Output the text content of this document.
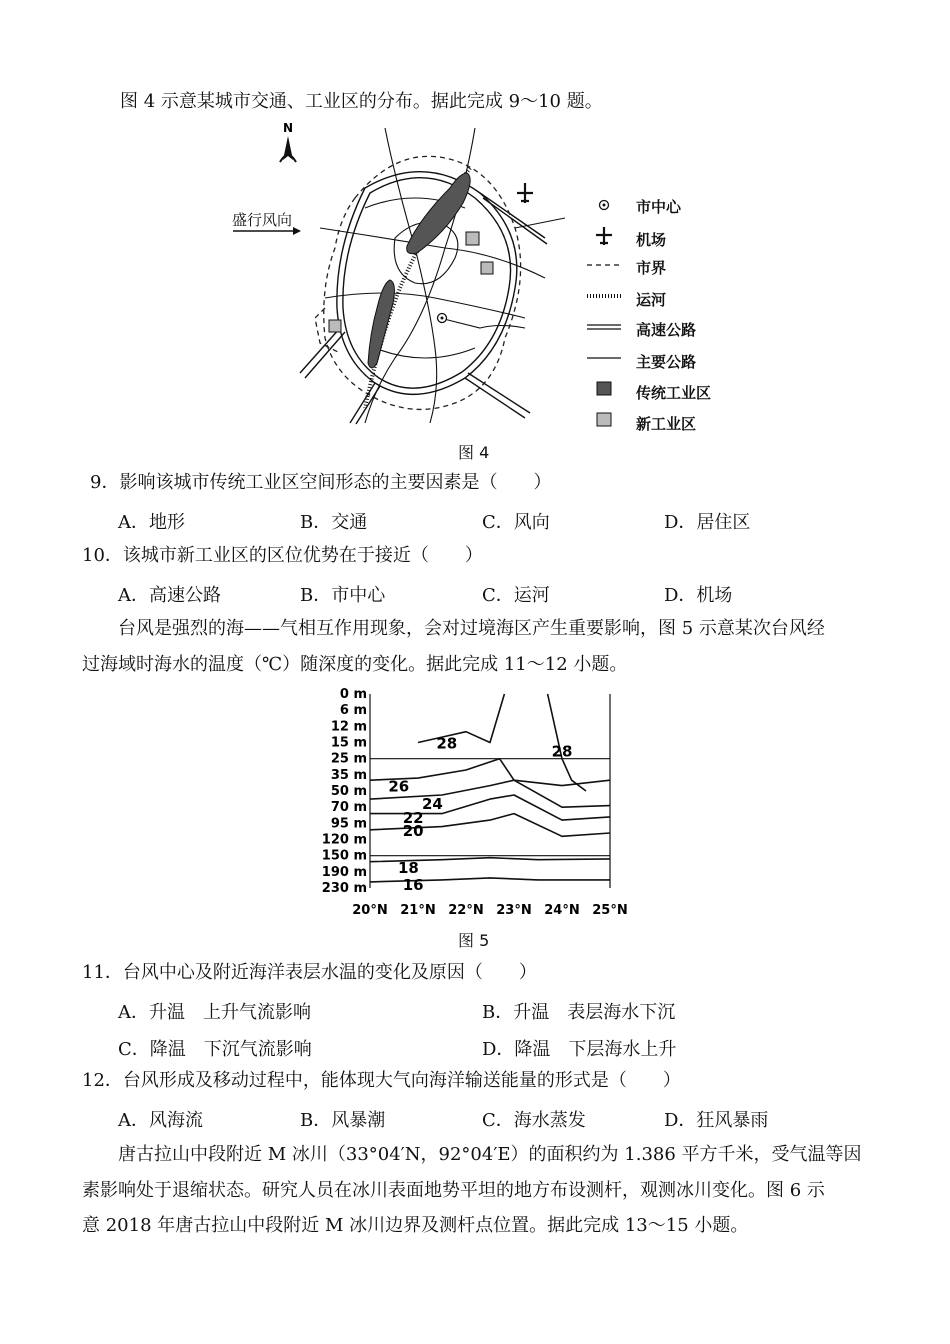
图 4 示意某城市交通、工业区的分布。据此完成 9～10 题。
N
盛行风向
市中心
机场
市界
运河
高速公路
主要公路
传统工业区
新工业区
图 4
9．影响该城市传统工业区空间形态的主要因素是（　　）
A．地形	B．交通	C．风向	D．居住区
10．该城市新工业区的区位优势在于接近（　　）
A．高速公路	B．市中心	C．运河	D．机场
台风是强烈的海——气相互作用现象，会对过境海区产生重要影响，图 5 示意某次台风经
过海域时海水的温度（℃）随深度的变化。据此完成 11～12 小题。
0 m
6 m
12 m
15 m
25 m
35 m
50 m
70 m
95 m
120 m
150 m
190 m
230 m
20°N 21°N 22°N 23°N 24°N 25°N
28	28
26
24
22
20
18
16
图 5
11．台风中心及附近海洋表层水温的变化及原因（　　）
A．升温　上升气流影响	B．升温　表层海水下沉
C．降温　下沉气流影响	D．降温　下层海水上升
12．台风形成及移动过程中，能体现大气向海洋输送能量的形式是（　　）
A．风海流	B．风暴潮	C．海水蒸发	D．狂风暴雨
唐古拉山中段附近 M 冰川（33°04′N，92°04′E）的面积约为 1.386 平方千米，受气温等因
素影响处于退缩状态。研究人员在冰川表面地势平坦的地方布设测杆，观测冰川变化。图 6 示
意 2018 年唐古拉山中段附近 M 冰川边界及测杆点位置。据此完成 13～15 小题。
